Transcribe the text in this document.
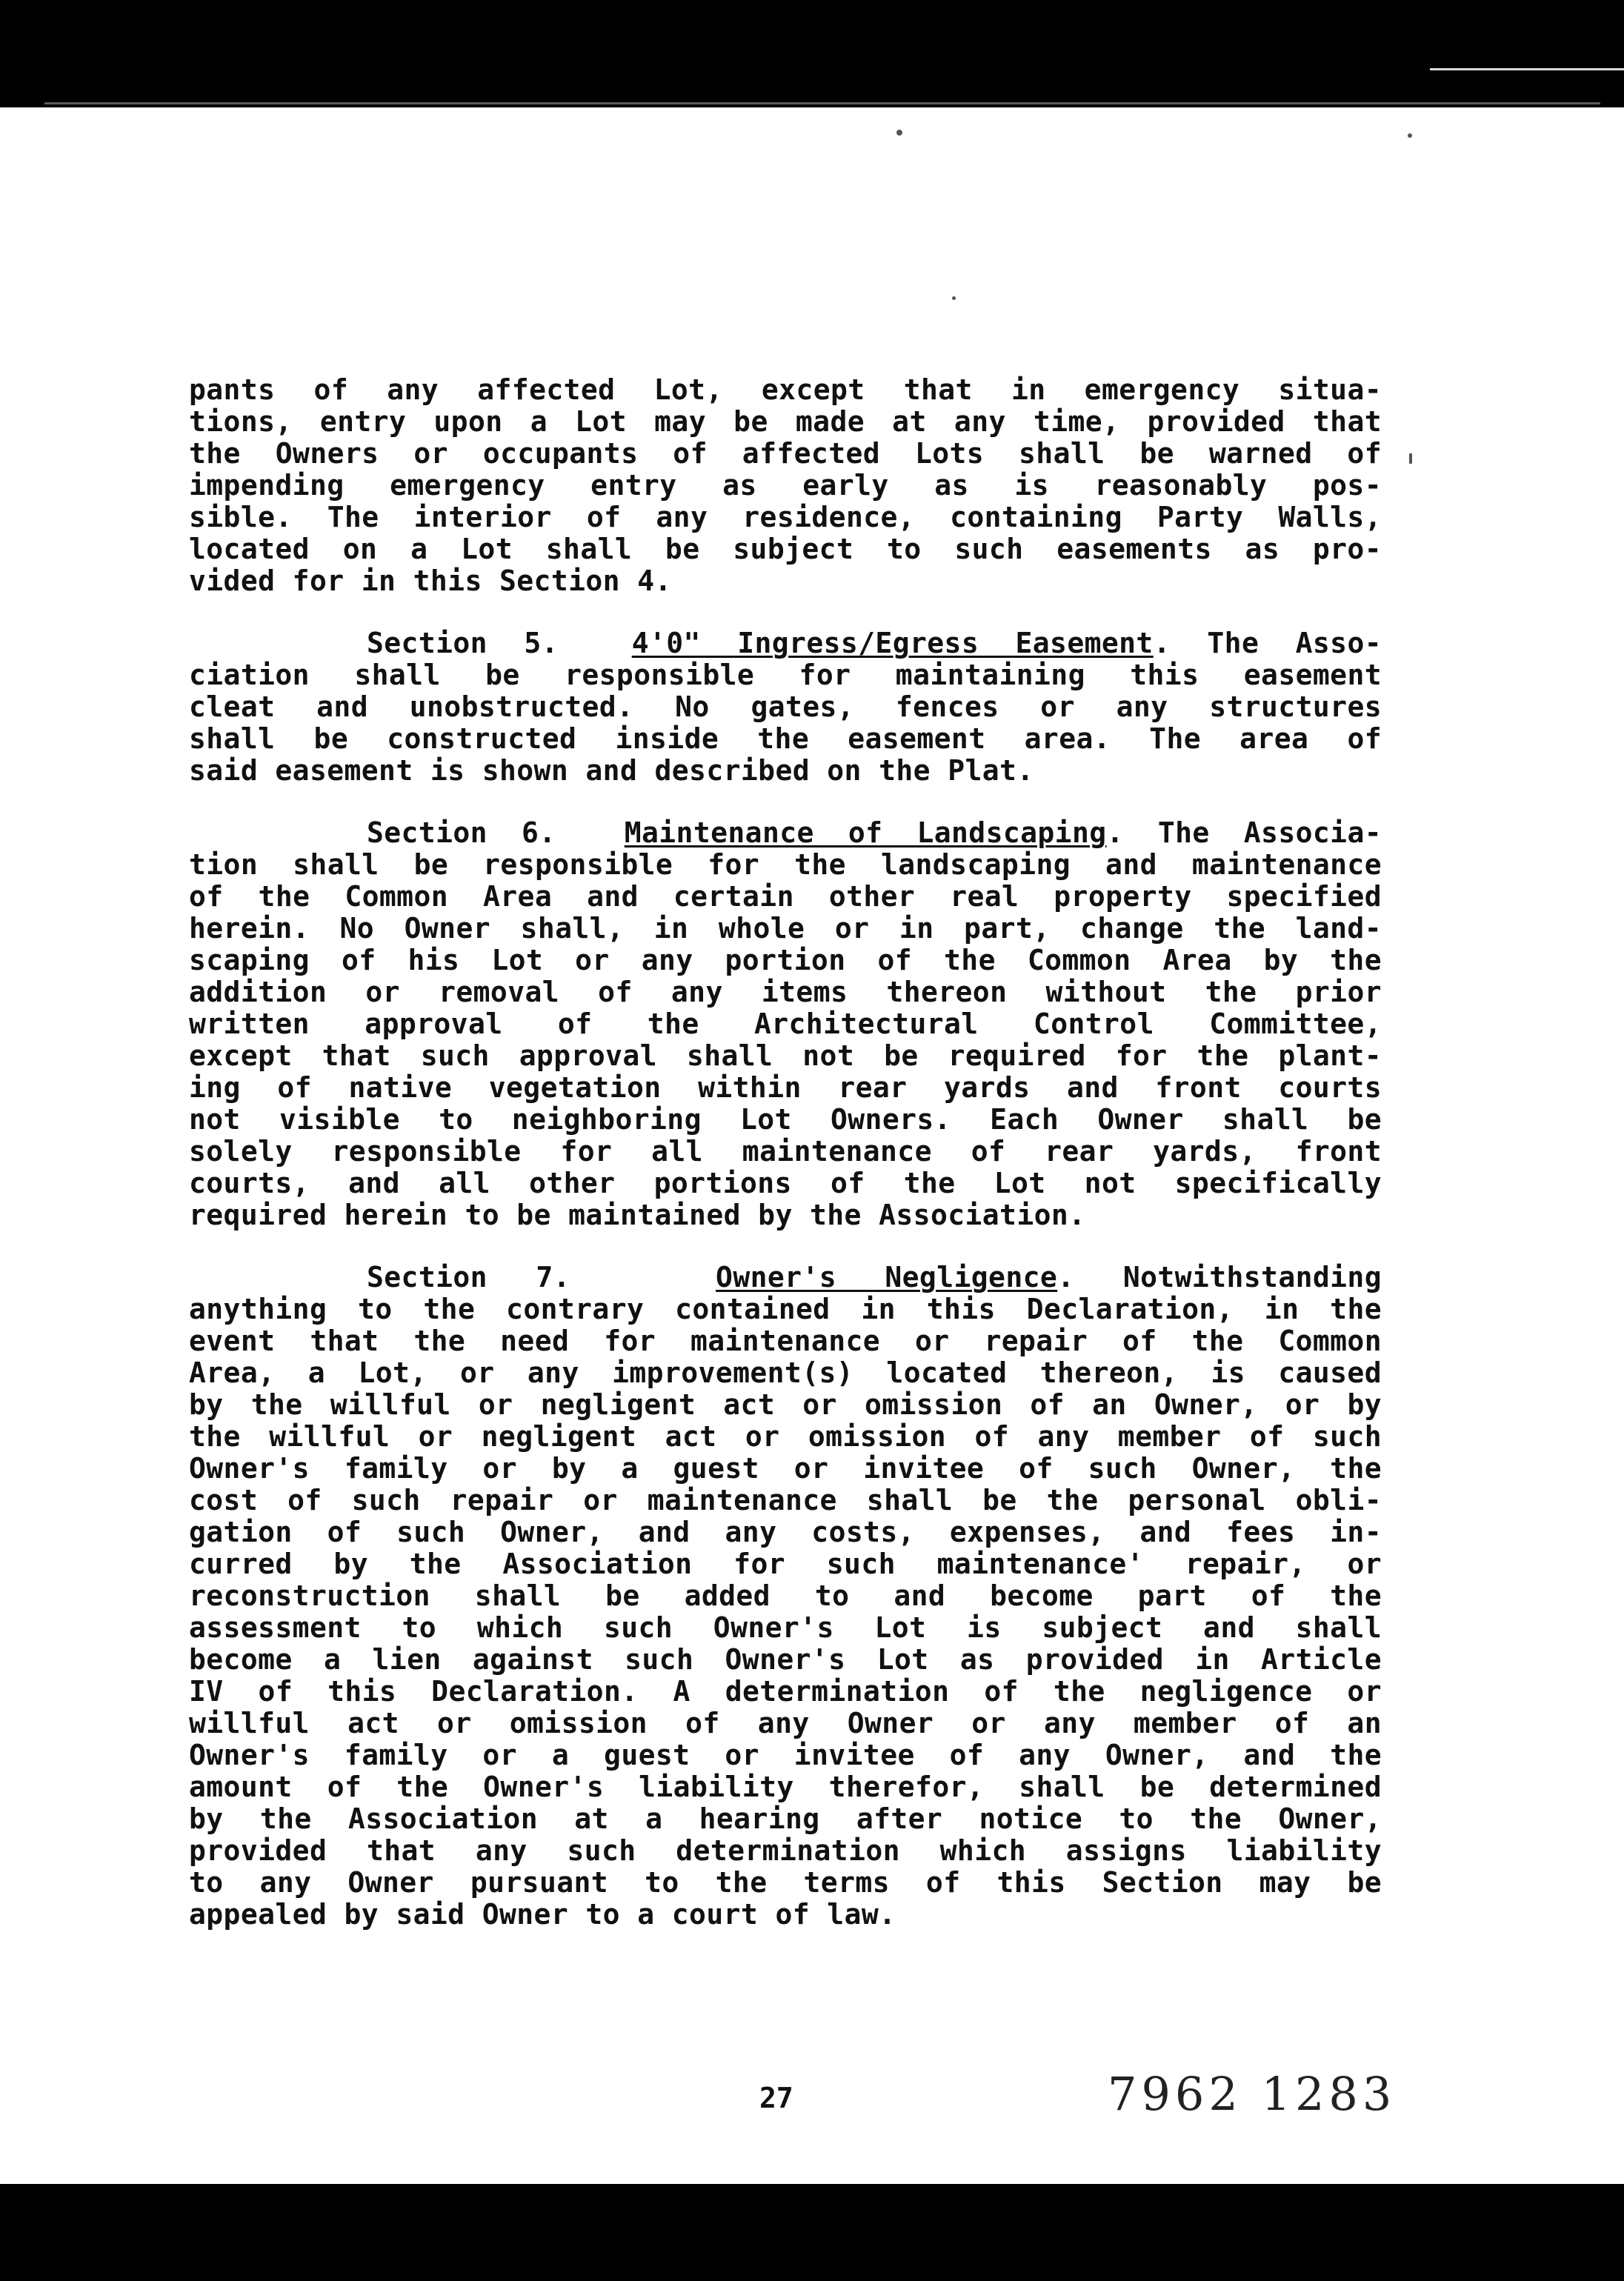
pants of any affected Lot, except that in emergency situa-
tions, entry upon a Lot may be made at any time, provided that
the Owners or occupants of affected Lots shall be warned of
impending emergency entry as early as is reasonably pos-
sible. The interior of any residence, containing Party Walls,
located on a Lot shall be subject to such easements as pro-
vided for in this Section 4.

Section 5.	4'0" Ingress/Egress Easement. The Asso-
ciation shall be responsible for maintaining this easement
cleat and unobstructed. No gates, fences or any structures
shall be constructed inside the easement area. The area of
said easement is shown and described on the Plat.

Section 6. Maintenance of Landscaping. The Associa-
tion shall be responsible for the landscaping and maintenance
of the Common Area and certain other real property specified
herein. No Owner shall, in whole or in part, change the land-
scaping of his Lot or any portion of the Common Area by the
addition or removal of any items thereon without the prior
written approval of the Architectural Control Committee,
except that such approval shall not be required for the plant-
ing of native vegetation within rear yards and front courts
not visible to neighboring Lot Owners. Each Owner shall be
solely responsible for all maintenance of rear yards, front
courts, and all other portions of the Lot not specifically
required herein to be maintained by the Association.

Section 7.	Owner's Negligence. Notwithstanding
anything to the contrary contained in this Declaration, in the
event that the need for maintenance or repair of the Common
Area, a Lot, or any improvement(s) located thereon, is caused
by the willful or negligent act or omission of an Owner, or by
the willful or negligent act or omission of any member of such
Owner's family or by a guest or invitee of such Owner, the
cost of such repair or maintenance shall be the personal obli-
gation of such Owner, and any costs, expenses, and fees in-
curred by the Association for such maintenance' repair, or
reconstruction shall be added to and become part of the
assessment to which such Owner's Lot is subject and shall
become a lien against such Owner's Lot as provided in Article
IV of this Declaration. A determination of the negligence or
willful act or omission of any Owner or any member of an
Owner's family or a guest or invitee of any Owner, and the
amount of the Owner's liability therefor, shall be determined
by the Association at a hearing after notice to the Owner,
provided that any such determination which assigns liability
to any Owner pursuant to the terms of this Section may be
appealed by said Owner to a court of law.

27	7962 1283
